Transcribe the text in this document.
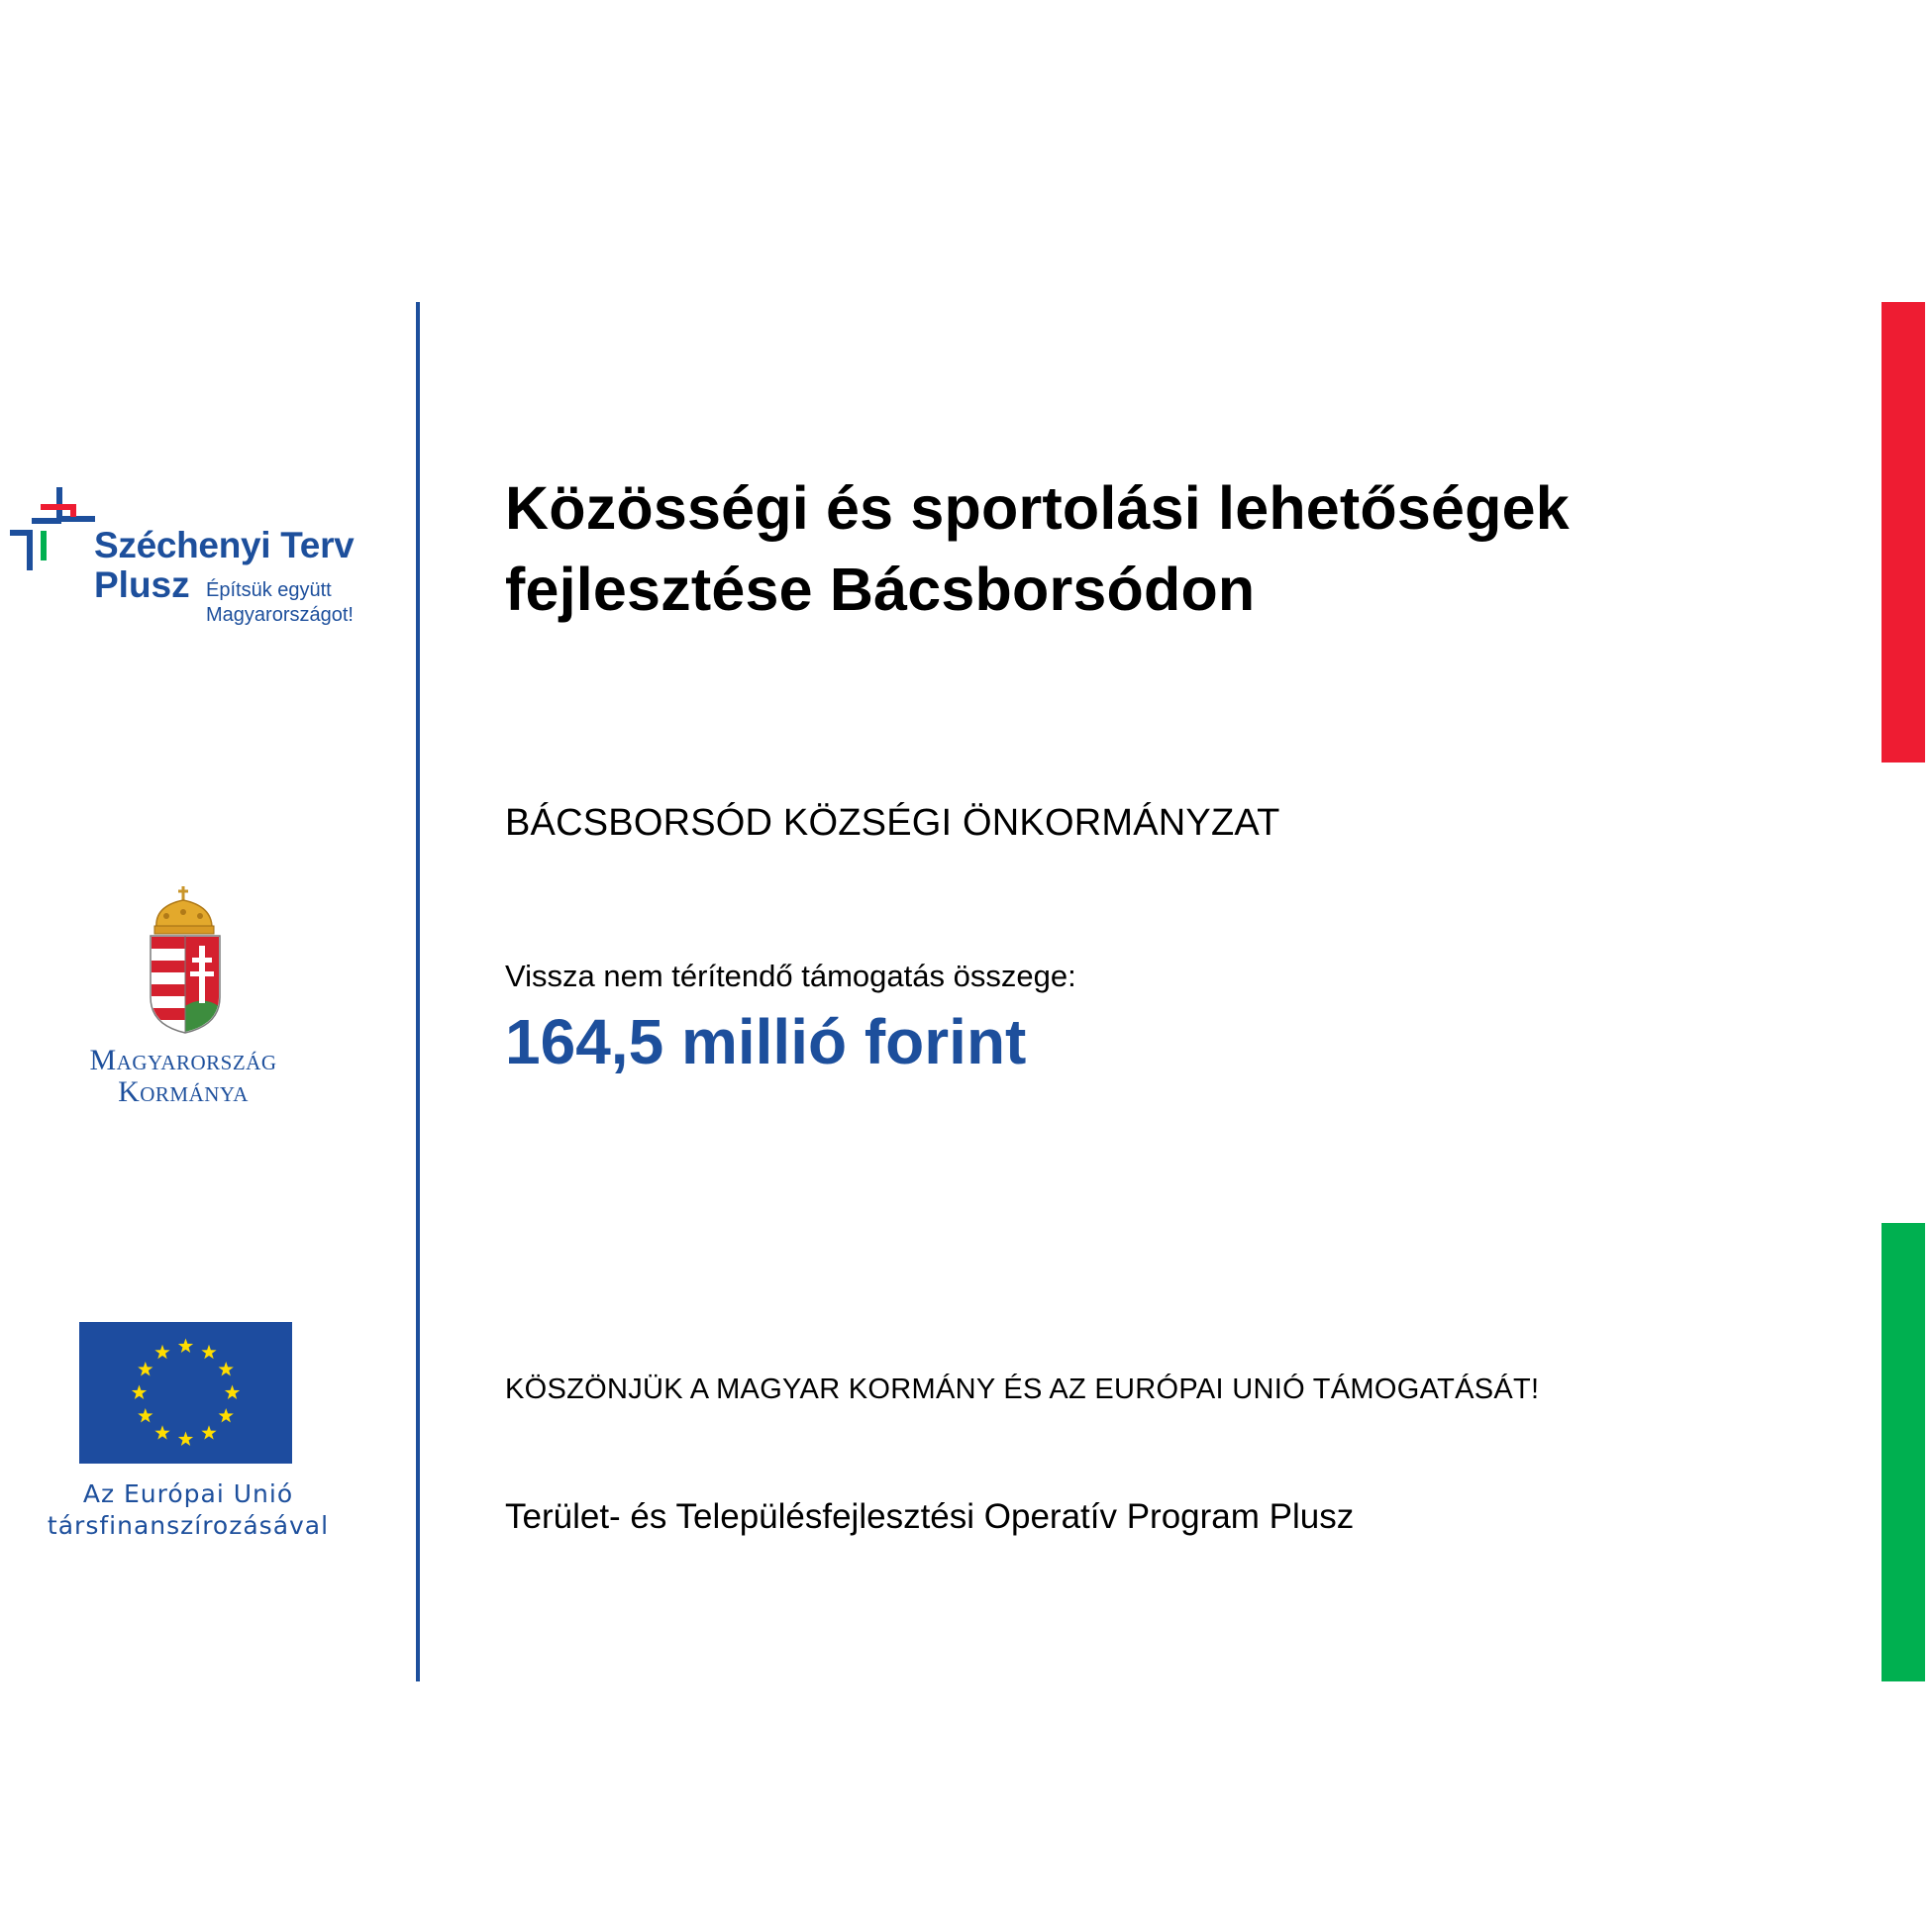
Széchenyi Terv
Plusz Építsük együtt
Magyarországot!
Magyarország
Kormánya
Az Európai Unió
társfinanszírozásával
Közösségi és sportolási lehetőségek fejlesztése Bácsborsódon
BÁCSBORSÓD KÖZSÉGI ÖNKORMÁNYZAT
Vissza nem térítendő támogatás összege:
164,5 millió forint
KÖSZÖNJÜK A MAGYAR KORMÁNY ÉS AZ EURÓPAI UNIÓ TÁMOGATÁSÁT!
Terület- és Településfejlesztési Operatív Program Plusz
